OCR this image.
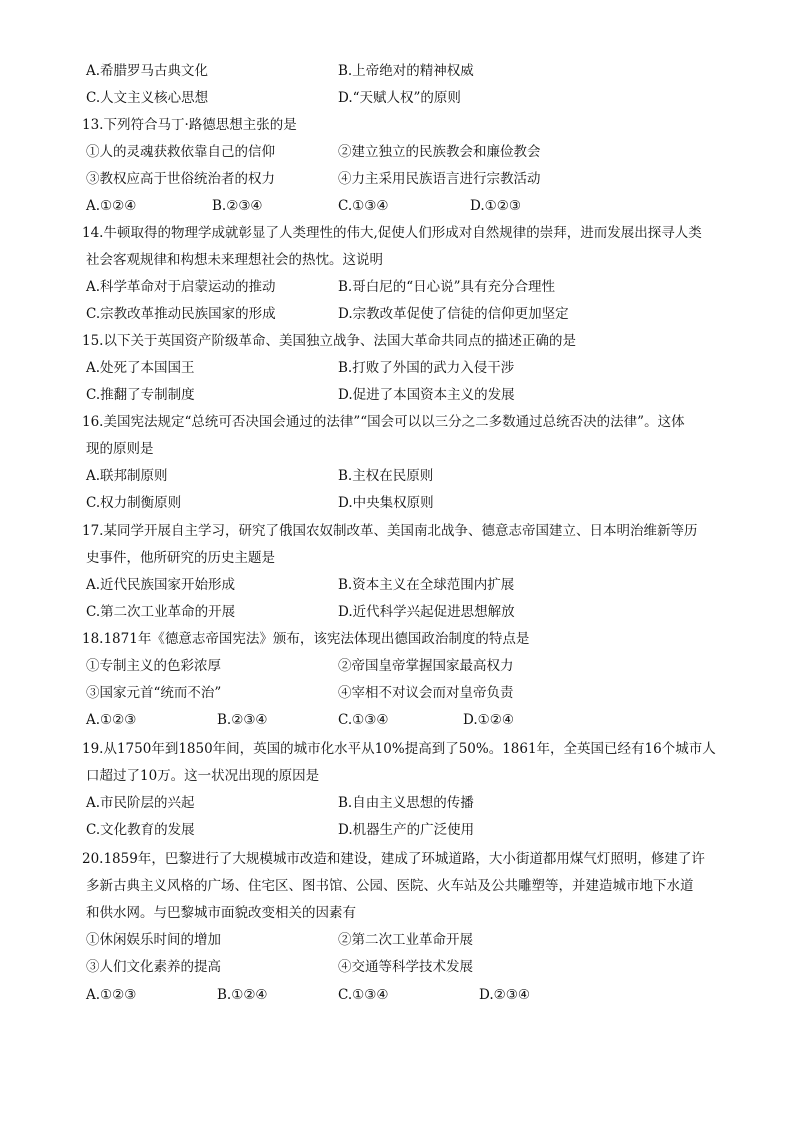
A.希腊罗马古典文化	B.上帝绝对的精神权威
C.人文主义核心思想	D.“天赋人权”的原则
13.下列符合马丁·路德思想主张的是
①人的灵魂获救依靠自己的信仰	②建立独立的民族教会和廉俭教会
③教权应高于世俗统治者的权力	④力主采用民族语言进行宗教活动
A.①②④	B.②③④	C.①③④	D.①②③
14.牛顿取得的物理学成就彰显了人类理性的伟大,促使人们形成对自然规律的崇拜，进而发展出探寻人类
社会客观规律和构想未来理想社会的热忱。这说明
A.科学革命对于启蒙运动的推动	B.哥白尼的“日心说”具有充分合理性
C.宗教改革推动民族国家的形成	D.宗教改革促使了信徒的信仰更加坚定
15.以下关于英国资产阶级革命、美国独立战争、法国大革命共同点的描述正确的是
A.处死了本国国王	B.打败了外国的武力入侵干涉
C.推翻了专制制度	D.促进了本国资本主义的发展
16.美国宪法规定“总统可否决国会通过的法律”“国会可以以三分之二多数通过总统否决的法律”。这体
现的原则是
A.联邦制原则	B.主权在民原则
C.权力制衡原则	D.中央集权原则
17.某同学开展自主学习，研究了俄国农奴制改革、美国南北战争、德意志帝国建立、日本明治维新等历
史事件，他所研究的历史主题是
A.近代民族国家开始形成	B.资本主义在全球范围内扩展
C.第二次工业革命的开展	D.近代科学兴起促进思想解放
18.1871年《德意志帝国宪法》颁布，该宪法体现出德国政治制度的特点是
①专制主义的色彩浓厚	②帝国皇帝掌握国家最高权力
③国家元首“统而不治”	④宰相不对议会而对皇帝负责
A.①②③	B.②③④	C.①③④	D.①②④
19.从1750年到1850年间，英国的城市化水平从10%提高到了50%。1861年，全英国已经有16个城市人
口超过了10万。这一状况出现的原因是
A.市民阶层的兴起	B.自由主义思想的传播
C.文化教育的发展	D.机器生产的广泛使用
20.1859年，巴黎进行了大规模城市改造和建设，建成了环城道路，大小街道都用煤气灯照明，修建了许
多新古典主义风格的广场、住宅区、图书馆、公园、医院、火车站及公共雕塑等，并建造城市地下水道
和供水网。与巴黎城市面貌改变相关的因素有
①休闲娱乐时间的增加	②第二次工业革命开展
③人们文化素养的提高	④交通等科学技术发展
A.①②③	B.①②④	C.①③④	D.②③④
